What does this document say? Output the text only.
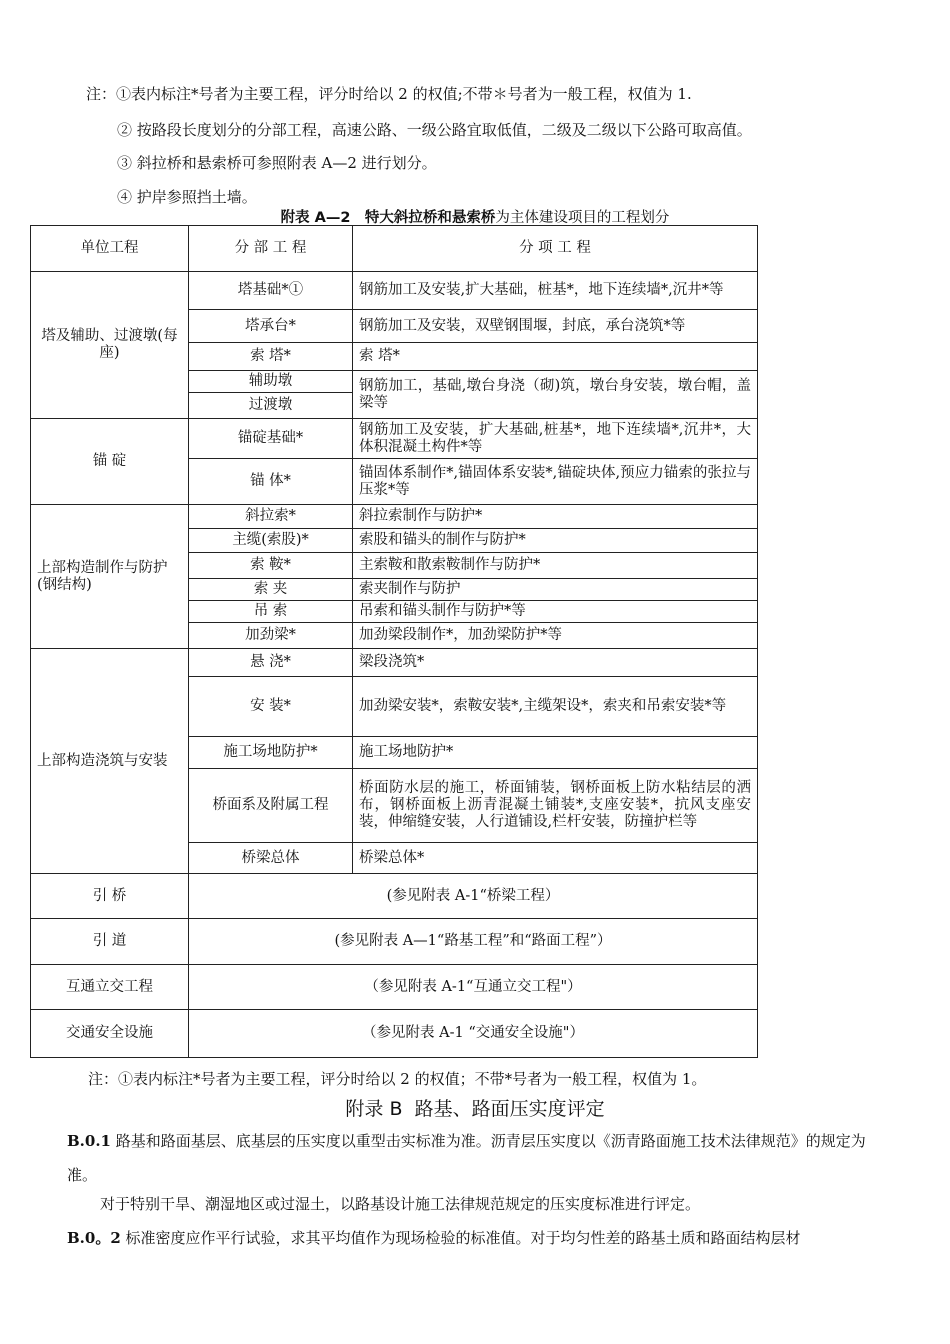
注：①表内标注*号者为主要工程，评分时给以 2 的权值;不带＊号者为一般工程，权值为 1.
② 按路段长度划分的分部工程，高速公路、一级公路宜取低值，二级及二级以下公路可取高值。
③ 斜拉桥和悬索桥可参照附表 A—2 进行划分。
④ 护岸参照挡土墙。
附表 A—2　特大斜拉桥和悬索桥为主体建设项目的工程划分
单位工程	分 部 工 程	分 项 工 程
塔及辅助、过渡墩(每座)	塔基础*①	钢筋加工及安装,扩大基础，桩基*，地下连续墙*,沉井*等
	塔承台*	钢筋加工及安装，双壁钢围堰，封底，承台浇筑*等
	索 塔*	索 塔*
	辅助墩	钢筋加工，基础,墩台身浇（砌)筑，墩台身安装，墩台帽，盖梁等
	过渡墩	
锚 碇	锚碇基础*	钢筋加工及安装，扩大基础,桩基*，地下连续墙*,沉井*，大体积混凝土构件*等
	锚 体*	锚固体系制作*,锚固体系安装*,锚碇块体,预应力锚索的张拉与压浆*等
上部构造制作与防护(钢结构)	斜拉索*	斜拉索制作与防护*
	主缆(索股)*	索股和锚头的制作与防护*
	索 鞍*	主索鞍和散索鞍制作与防护*
	索 夹	索夹制作与防护
	吊 索	吊索和锚头制作与防护*等
	加劲梁*	加劲梁段制作*，加劲梁防护*等
上部构造浇筑与安装	悬 浇*	梁段浇筑*
	安 装*	加劲梁安装*，索鞍安装*,主缆架设*，索夹和吊索安装*等
	施工场地防护*	施工场地防护*
	桥面系及附属工程	桥面防水层的施工，桥面铺装，钢桥面板上防水粘结层的洒布，钢桥面板上沥青混凝土铺装*,支座安装*，抗风支座安装，伸缩缝安装，人行道铺设,栏杆安装，防撞护栏等
	桥梁总体	桥梁总体*
引 桥	(参见附表 A-1“桥梁工程）	
引 道	(参见附表 A—1“路基工程”和“路面工程”）	
互通立交工程	（参见附表 A-1“互通立交工程"）	
交通安全设施	（参见附表 A-1 “交通安全设施"）	
注：①表内标注*号者为主要工程，评分时给以 2 的权值；不带*号者为一般工程，权值为 1。
附录 B 路基、路面压实度评定
B.0.1 路基和路面基层、底基层的压实度以重型击实标准为准。沥青层压实度以《沥青路面施工技术法律规范》的规定为准。
对于特别干旱、潮湿地区或过湿土，以路基设计施工法律规范规定的压实度标准进行评定。
B.0。2 标准密度应作平行试验，求其平均值作为现场检验的标准值。对于均匀性差的路基土质和路面结构层材
